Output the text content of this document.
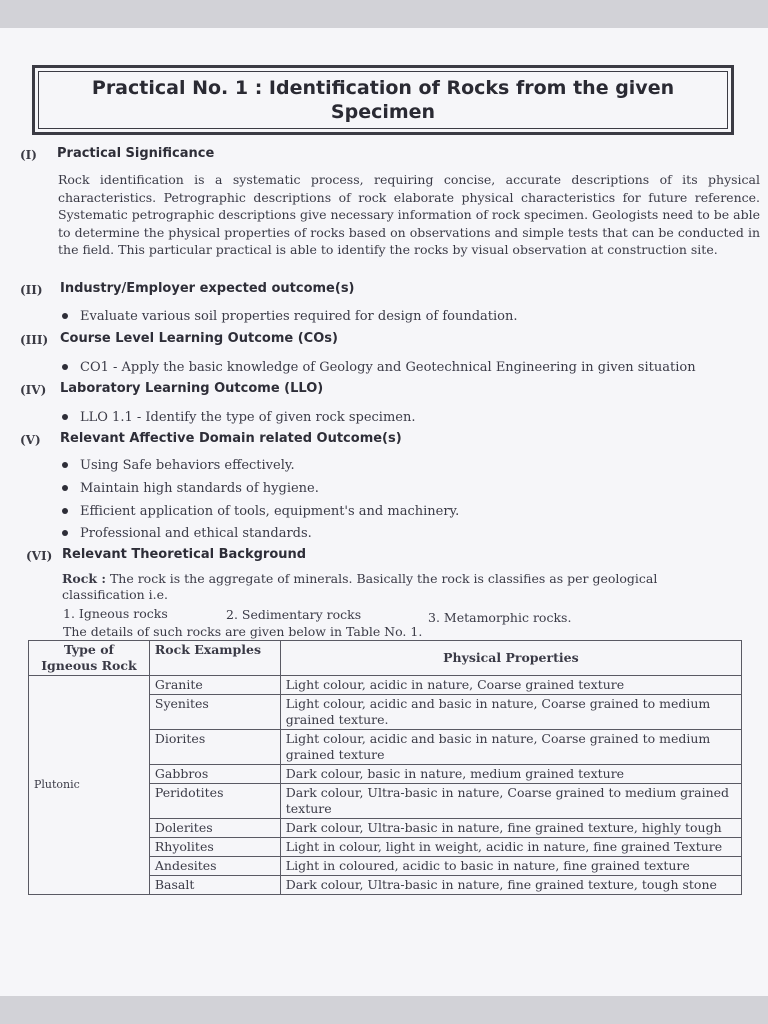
Practical No. 1 : Identification of Rocks from the given Specimen
(I) Practical Significance
Rock identification is a systematic process, requiring concise, accurate descriptions of its physical characteristics. Petrographic descriptions of rock elaborate physical characteristics for future reference. Systematic petrographic descriptions give necessary information of rock specimen. Geologists need to be able to determine the physical properties of rocks based on observations and simple tests that can be conducted in the field. This particular practical is able to identify the rocks by visual observation at construction site.
(II) Industry/Employer expected outcome(s)
Evaluate various soil properties required for design of foundation.
(III) Course Level Learning Outcome (COs)
CO1 - Apply the basic knowledge of Geology and Geotechnical Engineering in given situation
(IV) Laboratory Learning Outcome (LLO)
LLO 1.1 - Identify the type of given rock specimen.
(V) Relevant Affective Domain related Outcome(s)
Using Safe behaviors effectively.
Maintain high standards of hygiene.
Efficient application of tools, equipment's and machinery.
Professional and ethical standards.
(VI) Relevant Theoretical Background
Rock : The rock is the aggregate of minerals. Basically the rock is classifies as per geological
classification i.e.
1. Igneous rocks	2. Sedimentary rocks	3. Metamorphic rocks.
The details of such rocks are given below in Table No. 1.
Type of Igneous Rock	Rock Examples	Physical Properties
Plutonic	Granite	Light colour, acidic in nature, Coarse grained texture
	Syenites	Light colour, acidic and basic in nature, Coarse grained to medium grained texture.
	Diorites	Light colour, acidic and basic in nature, Coarse grained to medium grained texture
	Gabbros	Dark colour, basic in nature, medium grained texture
	Peridotites	Dark colour, Ultra-basic in nature, Coarse grained to medium grained texture
	Dolerites	Dark colour, Ultra-basic in nature, fine grained texture, highly tough
	Rhyolites	Light in colour, light in weight, acidic in nature, fine grained Texture
	Andesites	Light in coloured, acidic to basic in nature, fine grained texture
	Basalt	Dark colour, Ultra-basic in nature, fine grained texture, tough stone
